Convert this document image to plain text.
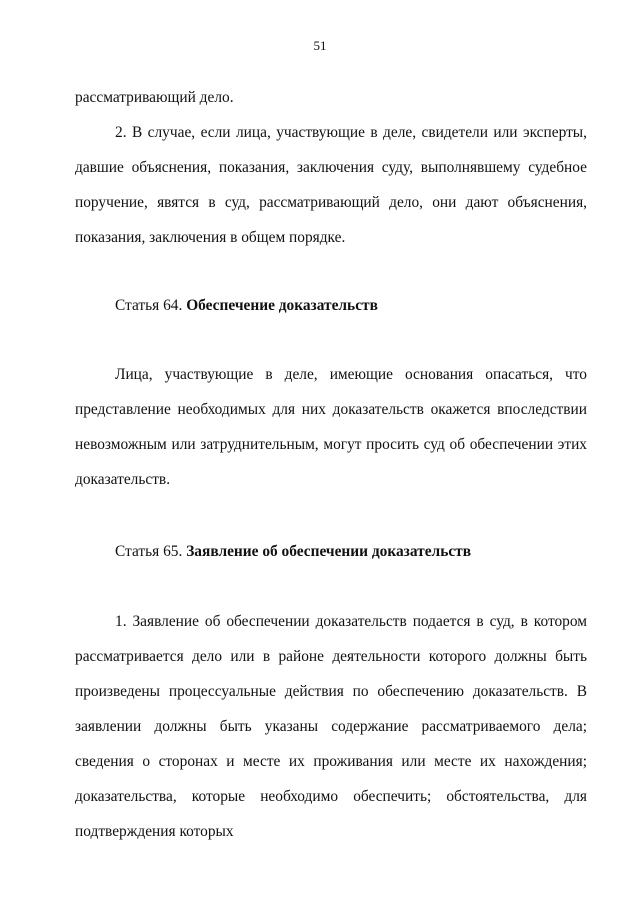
51
рассматривающий дело.
2. В случае, если лица, участвующие в деле, свидетели или эксперты, давшие объяснения, показания, заключения суду, выполнявшему судебное поручение, явятся в суд, рассматривающий дело, они дают объяснения, показания, заключения в общем порядке.
Статья 64. Обеспечение доказательств
Лица, участвующие в деле, имеющие основания опасаться, что представление необходимых для них доказательств окажется впоследствии невозможным или затруднительным, могут просить суд об обеспечении этих доказательств.
Статья 65. Заявление об обеспечении доказательств
1. Заявление об обеспечении доказательств подается в суд, в котором рассматривается дело или в районе деятельности которого должны быть произведены процессуальные действия по обеспечению доказательств. В заявлении должны быть указаны содержание рассматриваемого дела; сведения о сторонах и месте их проживания или месте их нахождения; доказательства, которые необходимо обеспечить; обстоятельства, для подтверждения которых
